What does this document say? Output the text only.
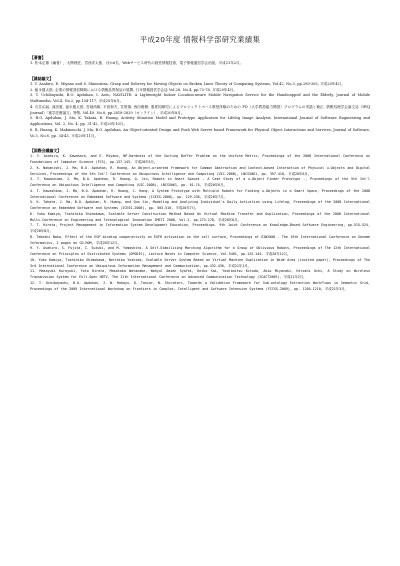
平成20年度 情報科学部研究業績集
【著書】
1. 松本正雄（編著），大関理佐，宮西洋太郎，ほか6名，Webサービス時代の経営情報技術，電子情報通信学会出版，平成21年2月。
【雑誌論文】
1. Y. Asahiro, E. Miyano and S. Shimoirisa, Grasp and Delivery for Moving Objects on Broken Lines Theory of Computing Systems, Vol.42, No.3, pp.289-305, 平成20年4月。
2. 稲永健太郎, 企業の情報発信戦略における情報品質保証の展開, 日本情報経営学会誌 Vol.28, No.4, pp.72-78, 平成20年4月。
3. T. Uchibayashi, B.O. Apduhan, I. Aoto, NAVILITE: A Lightweight Indoor Location-aware Mobile Navigation Service for the Handicapped and the Elderly, Journal of Mobile Multimedia, Vol.4, No.2, pp.104-117, 平成20年6月。
4. 石井由起, 滝田夏, 福永健太郎, 宮地尚雄, 平島和夫, 宮尾慎, 西田雅樹: 重度知障児によるプロジェクトベース教授体験のための FD（大学教員能力開発）プログラムの実践と補正, 情報処理学会論文誌（IPSJ Journal）「薬学医療論文」特集, Vol.49, No.8, pp.2818-2829（オンライン）, 平成20年8月。
5. B.O. Apduhan, J. Ma, K. Takata, R. Huang, Activity Situation Model and Prototype Application for Lifelog Image Analysis, International Journal of Software Engineering and Applications, Vol. 2, No. 4, pp. 31-42, 平成20年10月。
6. R. Huang, K. Makinouchi, J. Ma, B.O. Apduhan, An Object-oriented Design and Push Web Server based Framework for Physical Object Interactions and Services, Journal of Software, Vo.3, No.8, pp. 34-43, 平成20年11月。
【国際会議論文】
1. Y. Asahiro, K. Kawahara, and E. Miyano, NP-Hardness of the Sorting Buffer Problem on the Uniform Metric, Proceedings of the 2008 International Conference on Foundations of Computer Science (FCS), pp.137-143, 平成20年5月。
2. K. Nakanishi, J. Ma, B.O. Apduhan, R. Huang, An Object-oriented Framework for Common Abstraction and Context-based Interaction of Physical u-Objects and Digital Services, Proceedings of the 5th Int'l Conference on Ubiquitous Intelligence and Computing (UIC-2008), LNCS5061, pp. 397-410, 平成20年6月。
3. T. Kawashima, J. Ma, B.O. Apduhan, R. Huang, Q. Jin, Robots in Smart Spaces - A Case Study of a u-Object Finder Prototype -, Proceedings of the 5th Int'l Conference on Ubiquitous Intelligence and Computing (UIC-2008), LNCS5061, pp. 61-74, 平成20年6月。
4. T. Kawashima, J. Ma, B.O. Apduhan, R. Huang, C. Hong, A System Prototype with Multiple Robots for Finding u-Objects in a Smart Space, Proceedings of the 2008 International Conference on Embedded Software and Systems (ICESS-2008), pp. 229-236, 平成20年7月。
5. K. Takata, J. Ma, B.O. Apduhan, R. Huang, and Qun Jin, Modeling and Analyzing Individual's Daily Activities using Lifelog, Proceedings of the 2008 International Conference on Embedded Software and Systems (ICESS-2008), pp. 503-510, 平成20年7月。
6. Yuko Kamiya, Toshihiko Shimokawa, Scalable Server Construction Method Based On Virtual Machine Transfer and Duplication, Proceedings of the 2008 International Multi-Conference on Engineering and Technological Innovation IMETI 2008, Vol.2, pp.273-278, 平成20年6月。
7. T. Hirota, Project Management in Information System Development Education, Proceedings. 9th Joint Conference on Knowledge-Based Software Engineering, pp.515-524, 平成20年8月。
8. Takeshi Naka, Effect of the EGP binding cooperativity on EGFR activation on the cell surface, Proceedings of GIW2008 - The 19th International Conference on Genome Informatics, 2 pages on CD-ROM, 平成20年12月。
9. Y. Asahiro, S. Fujita, I. Suzuki, and M. Yamashita, A Self-Stabilizing Marching Algorithm for a Group of Oblivious Robots, Proceedings of The 12th International Conference on Principles of Distributed Systems (OPODIS), Lecture Notes in Computer Science, Vol.5401, pp.125-144, 平成20年12月。
10. Yuko Kamiya, Toshihiko Shimokawa, Norihiko Yoshida, Scalable Server System Based on Virtual Machine Duplication in Wide Area (invited paper), Proceedings of The 3rd International Conference on Ubiquitous Information Management and Communication, pp.432-436, 平成21年1月。
11. Masayuki Kuroyuki, Yota Hirota, Masataka Watanabe, Wahyul Amien Syafei, Keiko Sai, Yoshimitsu Kitoda, Akio Miyazaki, Hiroshi Uchi, A Study on Wireless Transmission System for Full-Spec HDTV, The 11th International Conference on Advanced Communication Technology (ICACT2009), 平成21年2月。
12. T. Uchibayashi, B.O. Apduhan, J. W. Rahayu, D. Taniar, N. Shiratori, Towards a Validation Framework for Sub-ontology Extraction Workflows in Semantic Grid, Proceedings of the 2009 International Workshop on Frontiers in Complex, Intelligent and Software Intensive Systems (FICSS-2009), pp. 1205-1210, 平成21年3月。
